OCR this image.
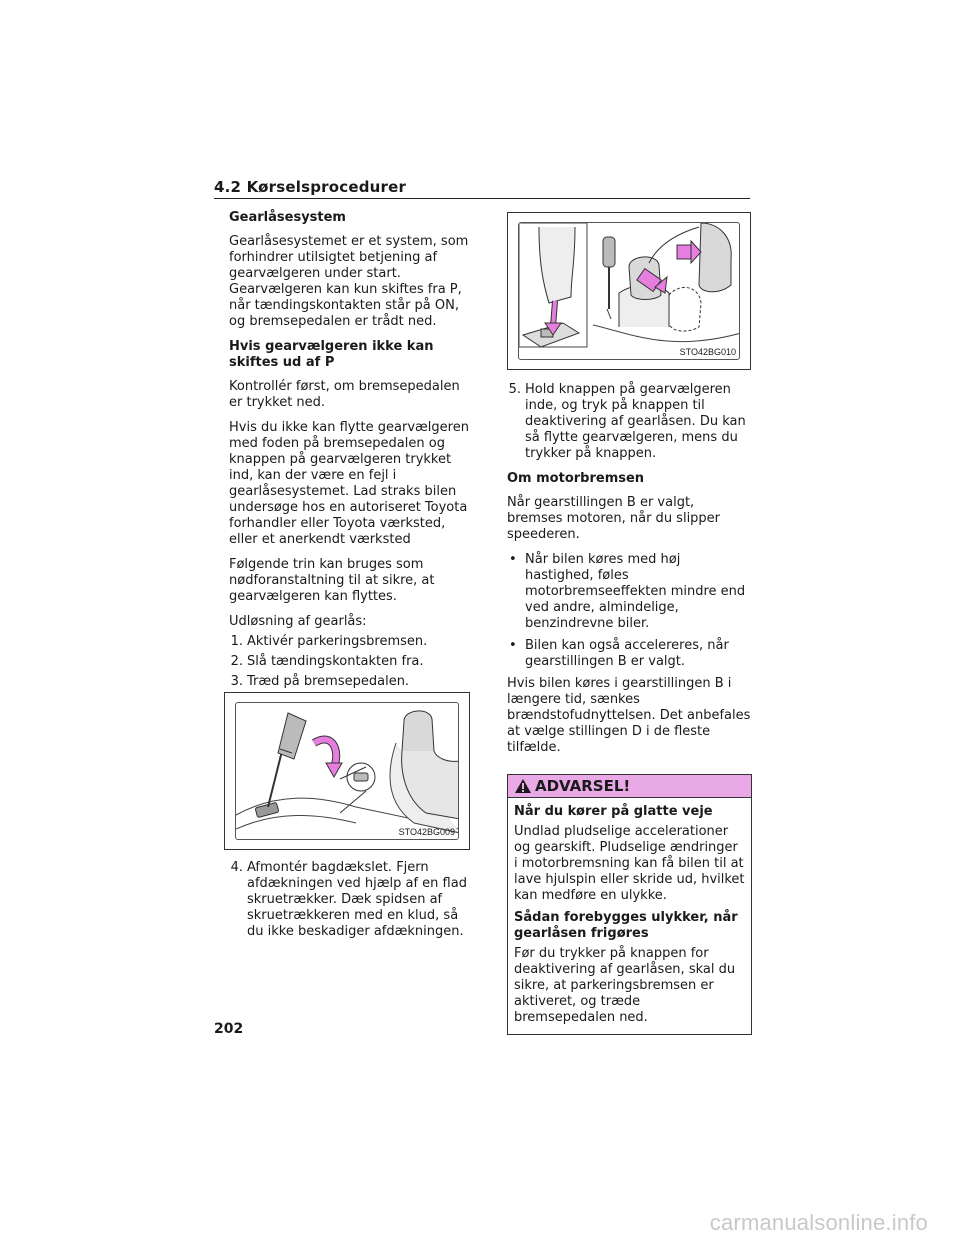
4.2 Kørselsprocedurer
Gearlåsesystem

Gearlåsesystemet er et system, som forhindrer utilsigtet betjening af gearvælgeren under start.

Gearvælgeren kan kun skiftes fra P, når tændingskontakten står på ON, og bremsepedalen er trådt ned.

Hvis gearvælgeren ikke kan skiftes ud af P

Kontrollér først, om bremsepedalen er trykket ned.

Hvis du ikke kan flytte gearvælgeren med foden på bremsepedalen og knappen på gearvælgeren trykket ind, kan der være en fejl i gearlåsesystemet. Lad straks bilen undersøge hos en autoriseret Toyota forhandler eller Toyota værksted, eller et anerkendt værksted

Følgende trin kan bruges som nødforanstaltning til at sikre, at gearvælgeren kan flyttes.

Udløsning af gearlås:

1. Aktivér parkeringsbremsen.
2. Slå tændingskontakten fra.
3. Træd på bremsepedalen.
STO42BG009
4. Afmontér bagdækslet. Fjern afdækningen ved hjælp af en flad skruetrækker. Dæk spidsen af skruetrækkeren med en klud, så du ikke beskadiger afdækningen.
STO42BG010
5. Hold knappen på gearvælgeren inde, og tryk på knappen til deaktivering af gearlåsen. Du kan så flytte gearvælgeren, mens du trykker på knappen.
Om motorbremsen

Når gearstillingen B er valgt, bremses motoren, når du slipper speederen.

• Når bilen køres med høj hastighed, føles motorbremseeffekten mindre end ved andre, almindelige, benzindrevne biler.
• Bilen kan også accelereres, når gearstillingen B er valgt.

Hvis bilen køres i gearstillingen B i længere tid, sænkes brændstofudnyttelsen. Det anbefales at vælge stillingen D i de fleste tilfælde.

ADVARSEL!
Når du kører på glatte veje

Undlad pludselige accelerationer og gearskift. Pludselige ændringer i motorbremsning kan få bilen til at lave hjulspin eller skride ud, hvilket kan medføre en ulykke.

Sådan forebygges ulykker, når gearlåsen frigøres

Før du trykker på knappen for deaktivering af gearlåsen, skal du sikre, at parkeringsbremsen er aktiveret, og træde bremsepedalen ned.

202
carmanualsonline.info
